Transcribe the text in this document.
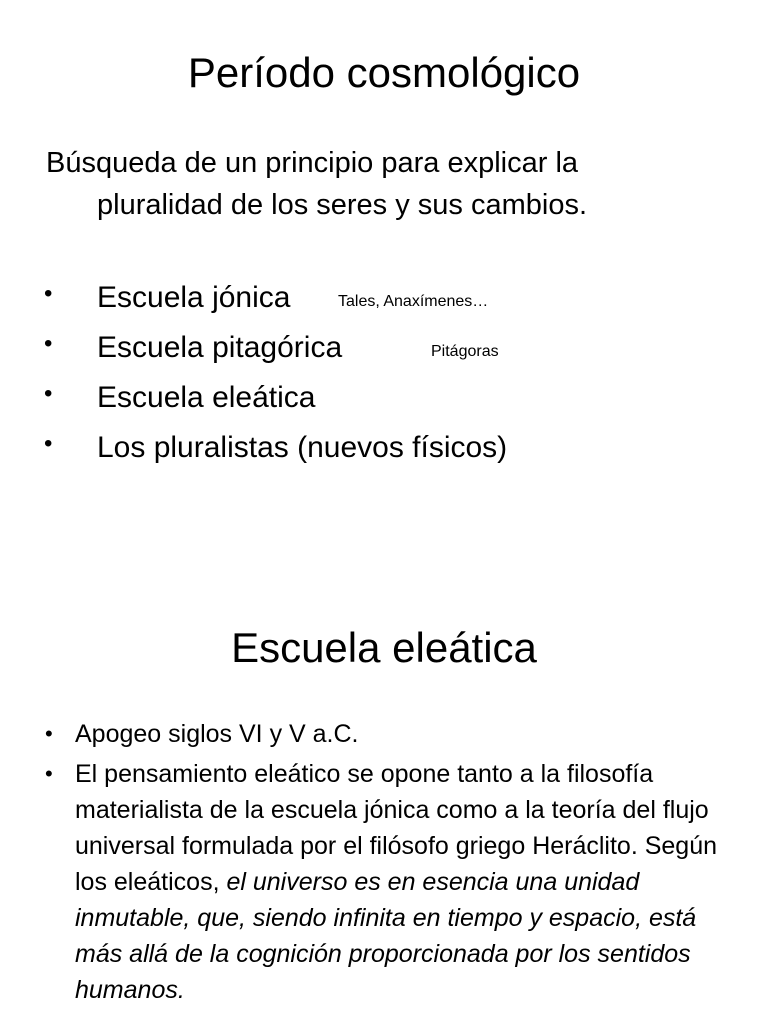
Período cosmológico
Búsqueda de un principio para explicar la
pluralidad de los seres y sus cambios.
• Escuela jónica	Tales, Anaxímenes…
• Escuela pitagórica	Pitágoras
• Escuela eleática
• Los pluralistas (nuevos físicos)
Escuela eleática
• Apogeo siglos VI y V a.C.
• El pensamiento eleático se opone tanto a la filosofía materialista de la escuela jónica como a la teoría del flujo universal formulada por el filósofo griego Heráclito. Según los eleáticos, el universo es en esencia una unidad inmutable, que, siendo infinita en tiempo y espacio, está más allá de la cognición proporcionada por los sentidos humanos.
